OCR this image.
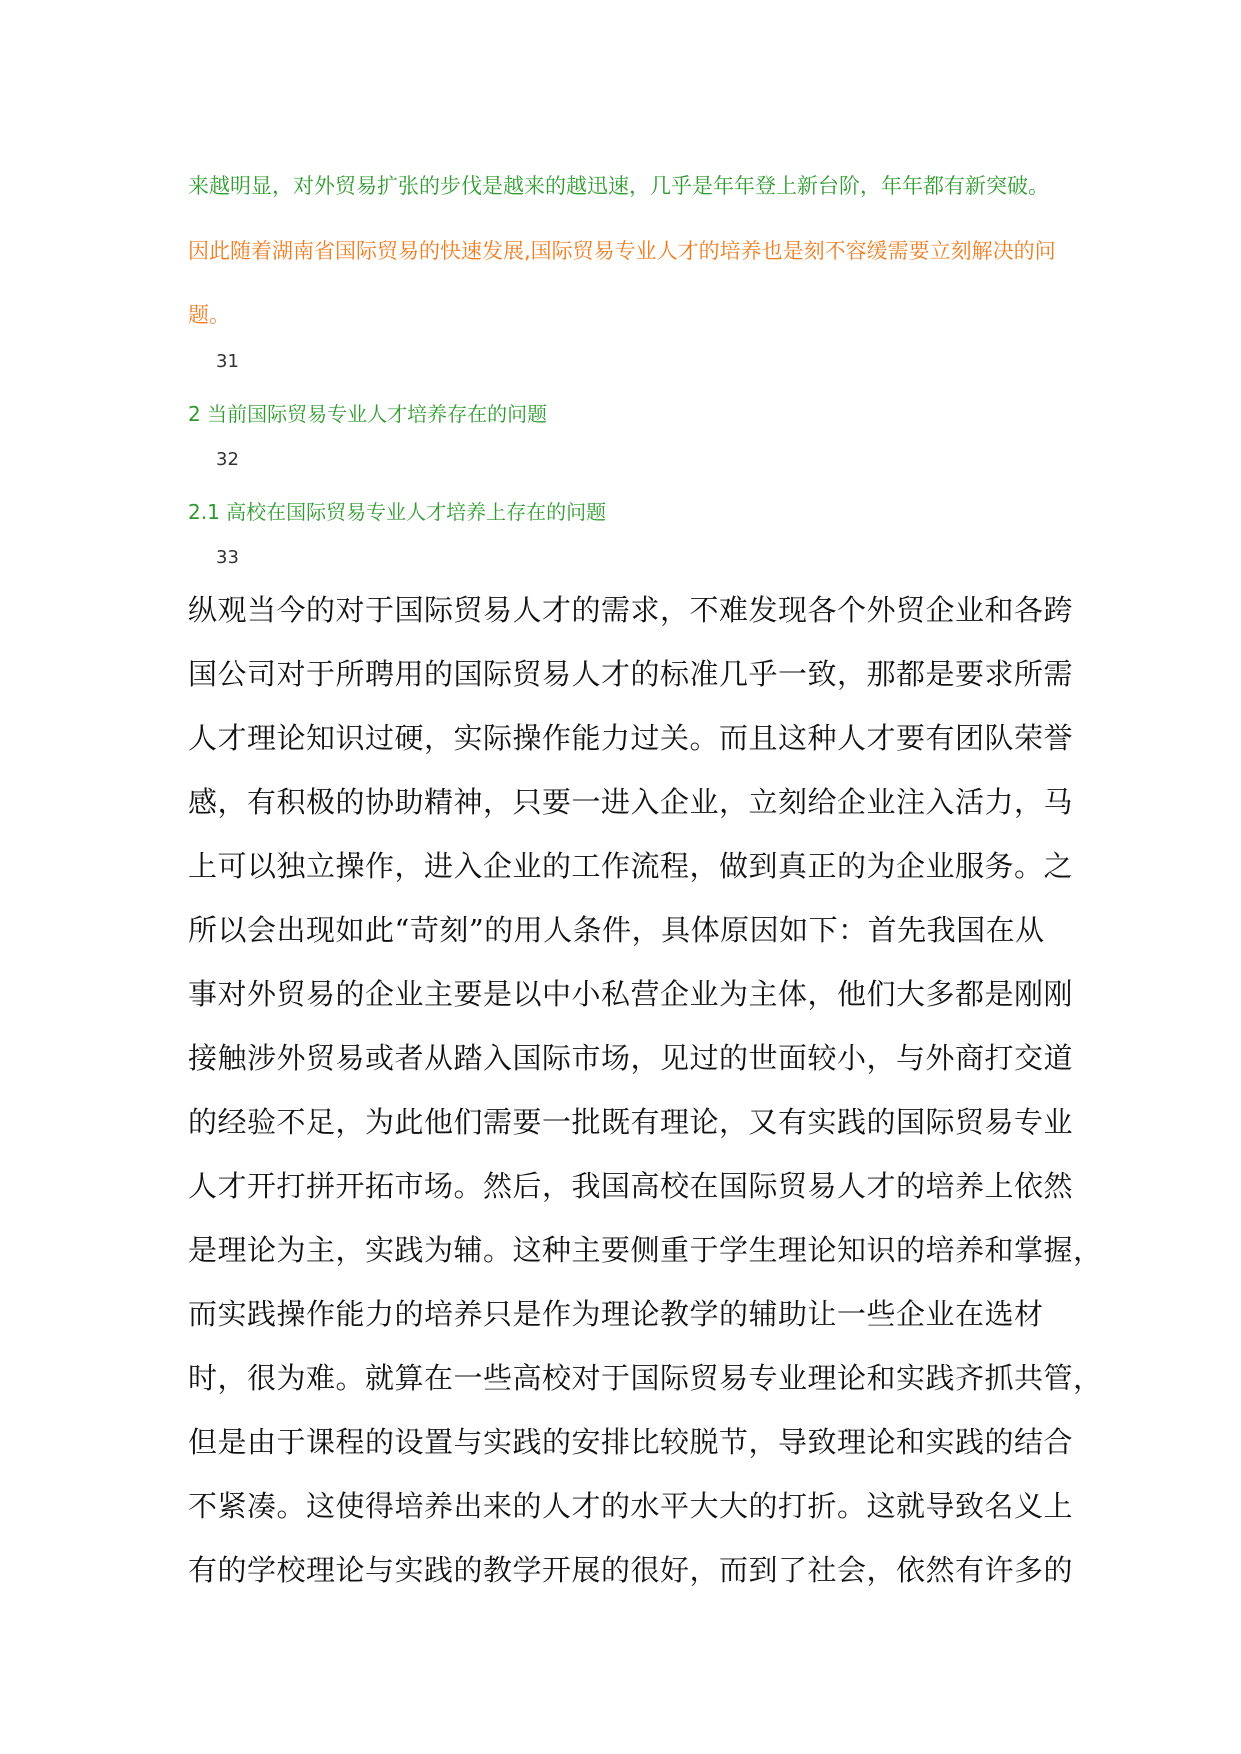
来越明显，对外贸易扩张的步伐是越来的越迅速，几乎是年年登上新台阶，年年都有新突破。
因此随着湖南省国际贸易的快速发展,国际贸易专业人才的培养也是刻不容缓需要立刻解决的问
题。
31
2 当前国际贸易专业人才培养存在的问题
32
2.1 高校在国际贸易专业人才培养上存在的问题
33
纵观当今的对于国际贸易人才的需求，不难发现各个外贸企业和各跨
国公司对于所聘用的国际贸易人才的标准几乎一致，那都是要求所需
人才理论知识过硬，实际操作能力过关。而且这种人才要有团队荣誉
感，有积极的协助精神，只要一进入企业，立刻给企业注入活力，马
上可以独立操作，进入企业的工作流程，做到真正的为企业服务。之
所以会出现如此“苛刻”的用人条件，具体原因如下：首先我国在从
事对外贸易的企业主要是以中小私营企业为主体，他们大多都是刚刚
接触涉外贸易或者从踏入国际市场，见过的世面较小，与外商打交道
的经验不足，为此他们需要一批既有理论，又有实践的国际贸易专业
人才开打拼开拓市场。然后，我国高校在国际贸易人才的培养上依然
是理论为主，实践为辅。这种主要侧重于学生理论知识的培养和掌握，
而实践操作能力的培养只是作为理论教学的辅助让一些企业在选材
时，很为难。就算在一些高校对于国际贸易专业理论和实践齐抓共管，
但是由于课程的设置与实践的安排比较脱节，导致理论和实践的结合
不紧凑。这使得培养出来的人才的水平大大的打折。这就导致名义上
有的学校理论与实践的教学开展的很好，而到了社会，依然有许多的
